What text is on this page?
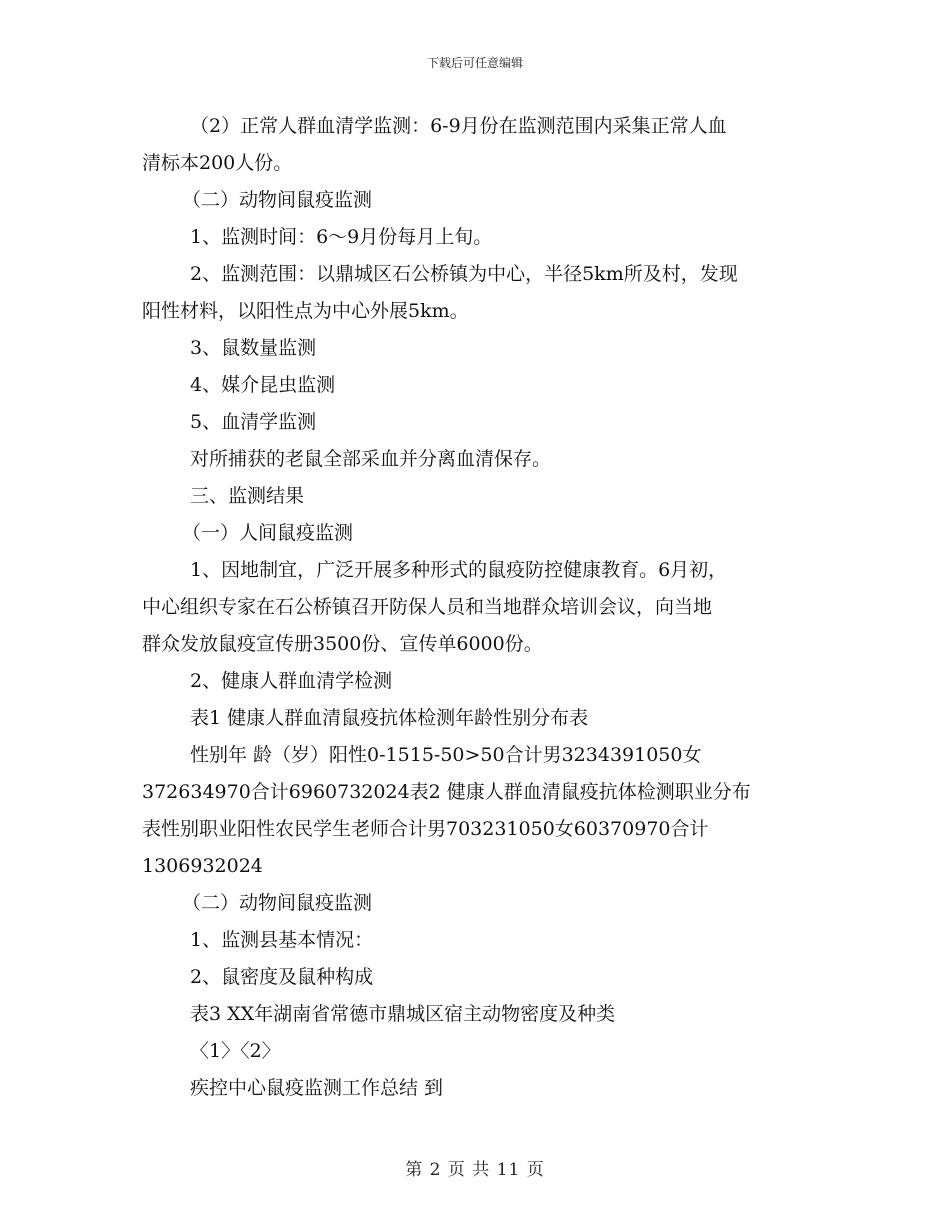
下载后可任意编辑
（2）正常人群血清学监测：6-9月份在监测范围内采集正常人血
清标本200人份。
（二）动物间鼠疫监测
1、监测时间：6～9月份每月上旬。
2、监测范围：以鼎城区石公桥镇为中心，半径5km所及村，发现
阳性材料，以阳性点为中心外展5km。
3、鼠数量监测
4、媒介昆虫监测
5、血清学监测
对所捕获的老鼠全部采血并分离血清保存。
三、监测结果
（一）人间鼠疫监测
1、因地制宜，广泛开展多种形式的鼠疫防控健康教育。6月初，
中心组织专家在石公桥镇召开防保人员和当地群众培训会议，向当地
群众发放鼠疫宣传册3500份、宣传单6000份。
2、健康人群血清学检测
表1 健康人群血清鼠疫抗体检测年龄性别分布表
性别年 龄（岁）阳性0-1515-50>50合计男3234391050女
372634970合计6960732024表2 健康人群血清鼠疫抗体检测职业分布
表性别职业阳性农民学生老师合计男703231050女60370970合计
1306932024
（二）动物间鼠疫监测
1、监测县基本情况：
2、鼠密度及鼠种构成
表3 XX年湖南省常德市鼎城区宿主动物密度及种类
〈1〉〈2〉
疾控中心鼠疫监测工作总结 到
第 2 页 共 11 页
